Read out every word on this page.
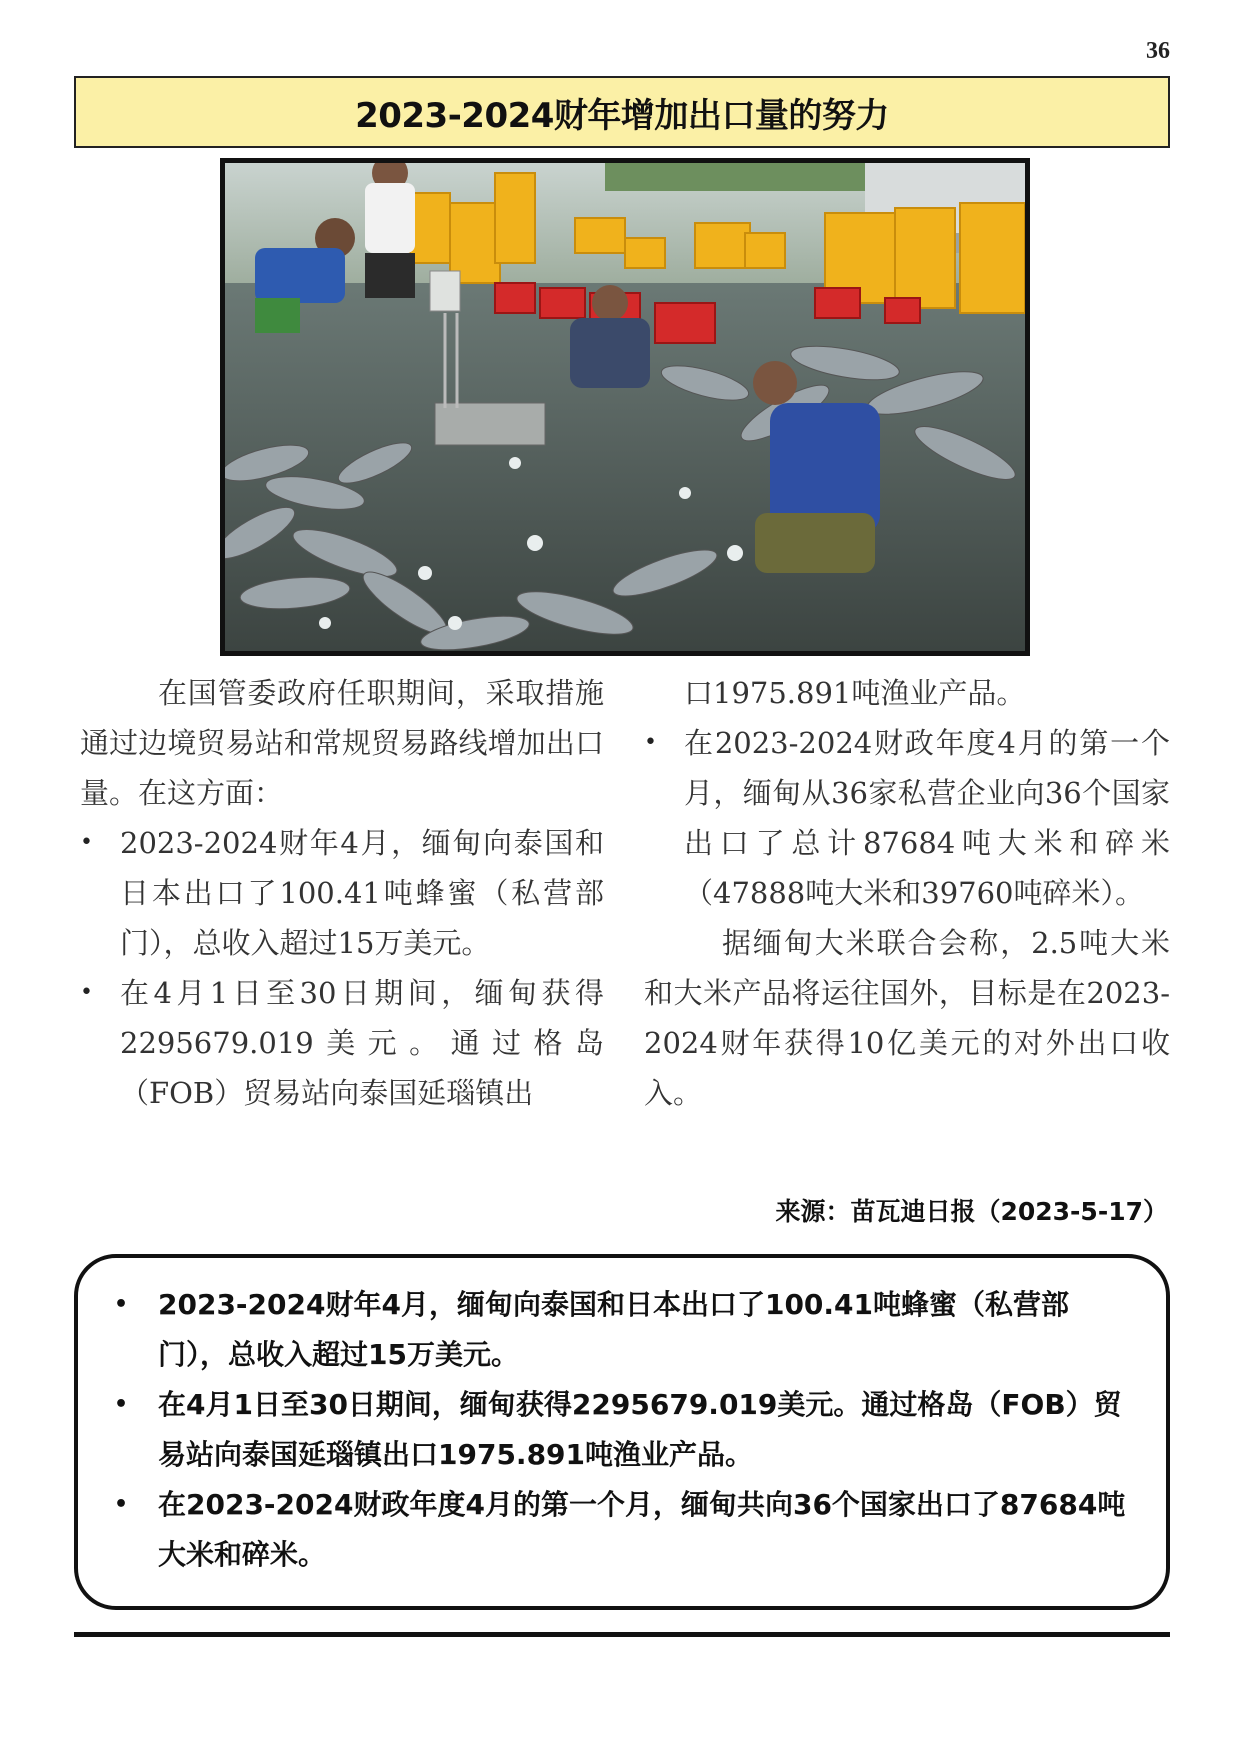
36
2023-2024财年增加出口量的努力

在国管委政府任职期间，采取措施通过边境贸易站和常规贸易路线增加出口量。在这方面：

• 2023-2024财年4月，缅甸向泰国和日本出口了100.41吨蜂蜜（私营部门），总收入超过15万美元。
• 在4月1日至30日期间，缅甸获得2295679.019美元。通过格岛（FOB）贸易站向泰国延瑙镇出
口1975.891吨渔业产品。
• 在2023-2024财政年度4月的第一个月，缅甸从36家私营企业向36个国家出口了总计87684吨大米和碎米（47888吨大米和39760吨碎米）。

据缅甸大米联合会称，2.5吨大米和大米产品将运往国外，目标是在2023-2024财年获得10亿美元的对外出口收入。

来源：苗瓦迪日报（2023-5-17）
• 2023-2024财年4月，缅甸向泰国和日本出口了100.41吨蜂蜜（私营部门），总收入超过15万美元。
• 在4月1日至30日期间，缅甸获得2295679.019美元。通过格岛（FOB）贸易站向泰国延瑙镇出口1975.891吨渔业产品。
• 在2023-2024财政年度4月的第一个月，缅甸共向36个国家出口了87684吨大米和碎米。
